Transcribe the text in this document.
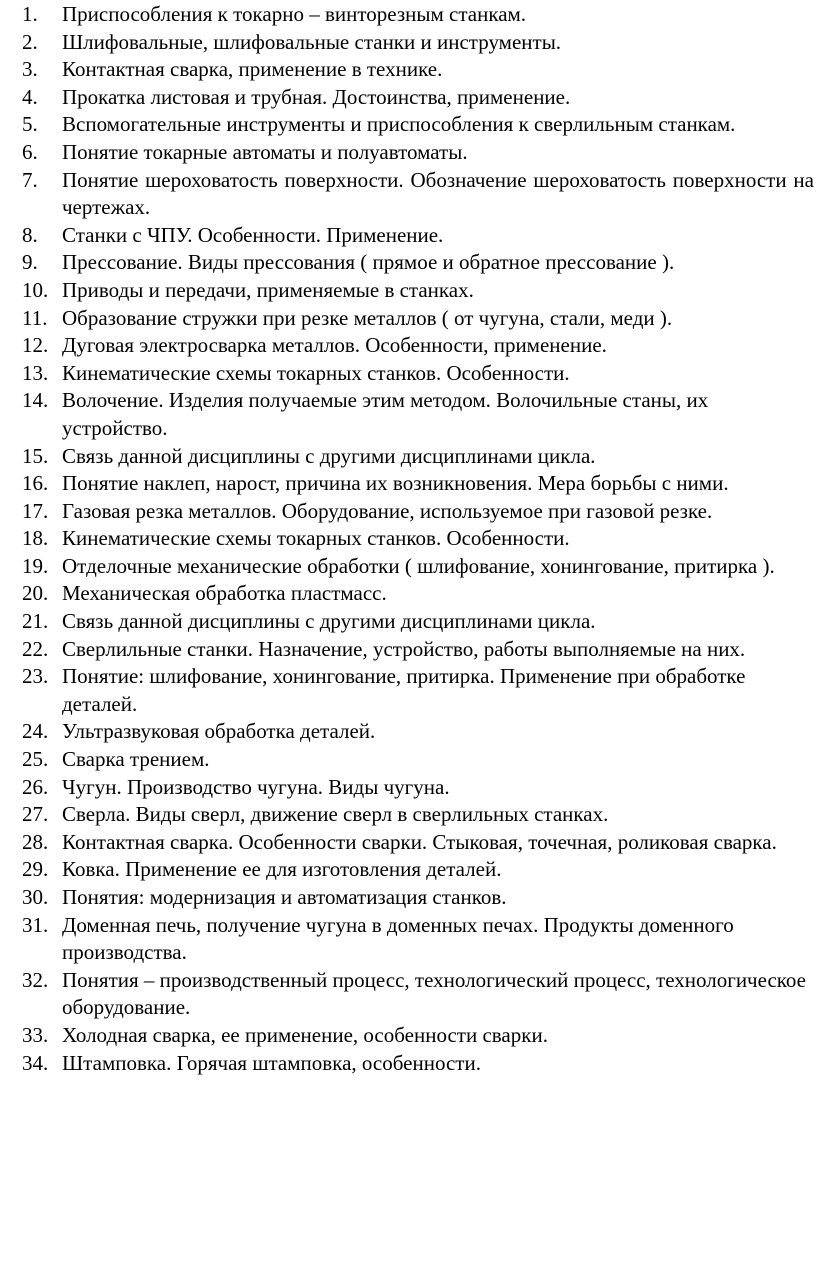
1. Приспособления к токарно – винторезным станкам.
2. Шлифовальные, шлифовальные станки и инструменты.
3. Контактная сварка, применение в технике.
4. Прокатка листовая и трубная. Достоинства, применение.
5. Вспомогательные инструменты и приспособления к сверлильным станкам.
6. Понятие токарные автоматы и полуавтоматы.
7. Понятие шероховатость поверхности. Обозначение шероховатость поверхности на чертежах.
8. Станки с ЧПУ. Особенности. Применение.
9. Прессование. Виды прессования ( прямое и обратное прессование ).
10. Приводы и передачи, применяемые в станках.
11. Образование стружки при резке металлов ( от чугуна, стали, меди ).
12. Дуговая электросварка металлов. Особенности, применение.
13. Кинематические схемы токарных станков. Особенности.
14. Волочение. Изделия получаемые этим методом. Волочильные станы, их устройство.
15. Связь данной дисциплины с другими дисциплинами цикла.
16. Понятие наклеп, нарост, причина их возникновения. Мера борьбы с ними.
17. Газовая резка металлов. Оборудование, используемое при газовой резке.
18. Кинематические схемы токарных станков. Особенности.
19. Отделочные механические обработки ( шлифование, хонингование, притирка ).
20. Механическая обработка пластмасс.
21. Связь данной дисциплины с другими дисциплинами цикла.
22. Сверлильные станки. Назначение, устройство, работы выполняемые на них.
23. Понятие: шлифование, хонингование, притирка. Применение при обработке деталей.
24. Ультразвуковая обработка деталей.
25. Сварка трением.
26. Чугун. Производство чугуна. Виды чугуна.
27. Сверла. Виды сверл, движение сверл в сверлильных станках.
28. Контактная сварка. Особенности сварки. Стыковая, точечная, роликовая сварка.
29. Ковка. Применение ее для изготовления деталей.
30. Понятия: модернизация и автоматизация станков.
31. Доменная печь, получение чугуна в доменных печах. Продукты доменного производства.
32. Понятия – производственный процесс, технологический процесс, технологическое оборудование.
33. Холодная сварка, ее применение, особенности сварки.
34. Штамповка. Горячая штамповка, особенности.
